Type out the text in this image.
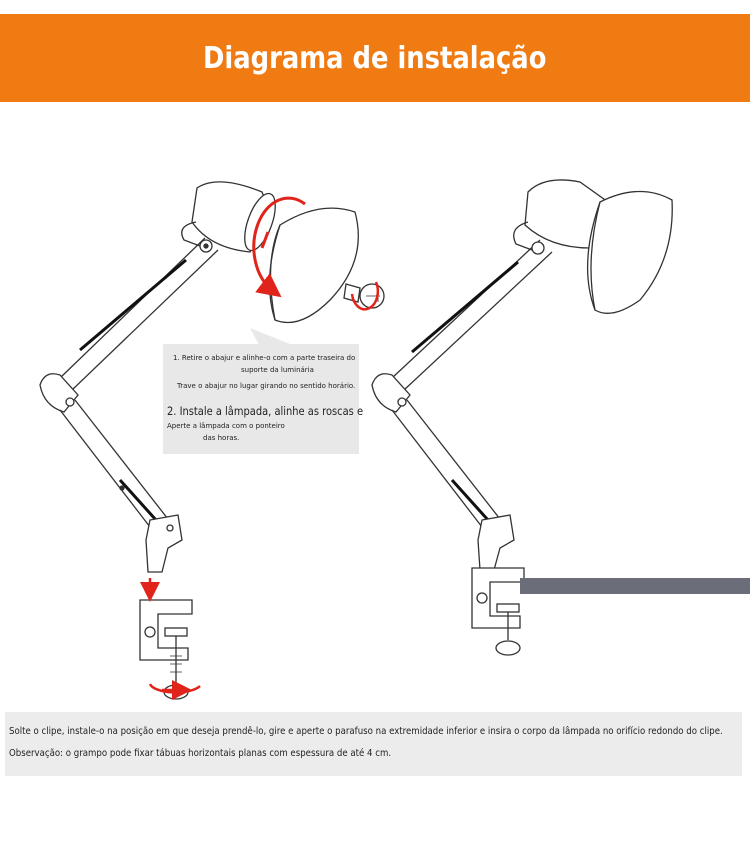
Diagrama de instalação
1. Retire o abajur e alinhe-o com a parte traseira do
suporte da luminária
Trave o abajur no lugar girando no sentido horário.
2. Instale a lâmpada, alinhe as roscas e
Aperte a lâmpada com o ponteiro
das horas.
Solte o clipe, instale-o na posição em que deseja prendê-lo, gire e aperte o parafuso na extremidade inferior e insira o corpo da lâmpada no orifício redondo do clipe.
Observação: o grampo pode fixar tábuas horizontais planas com espessura de até 4 cm.
